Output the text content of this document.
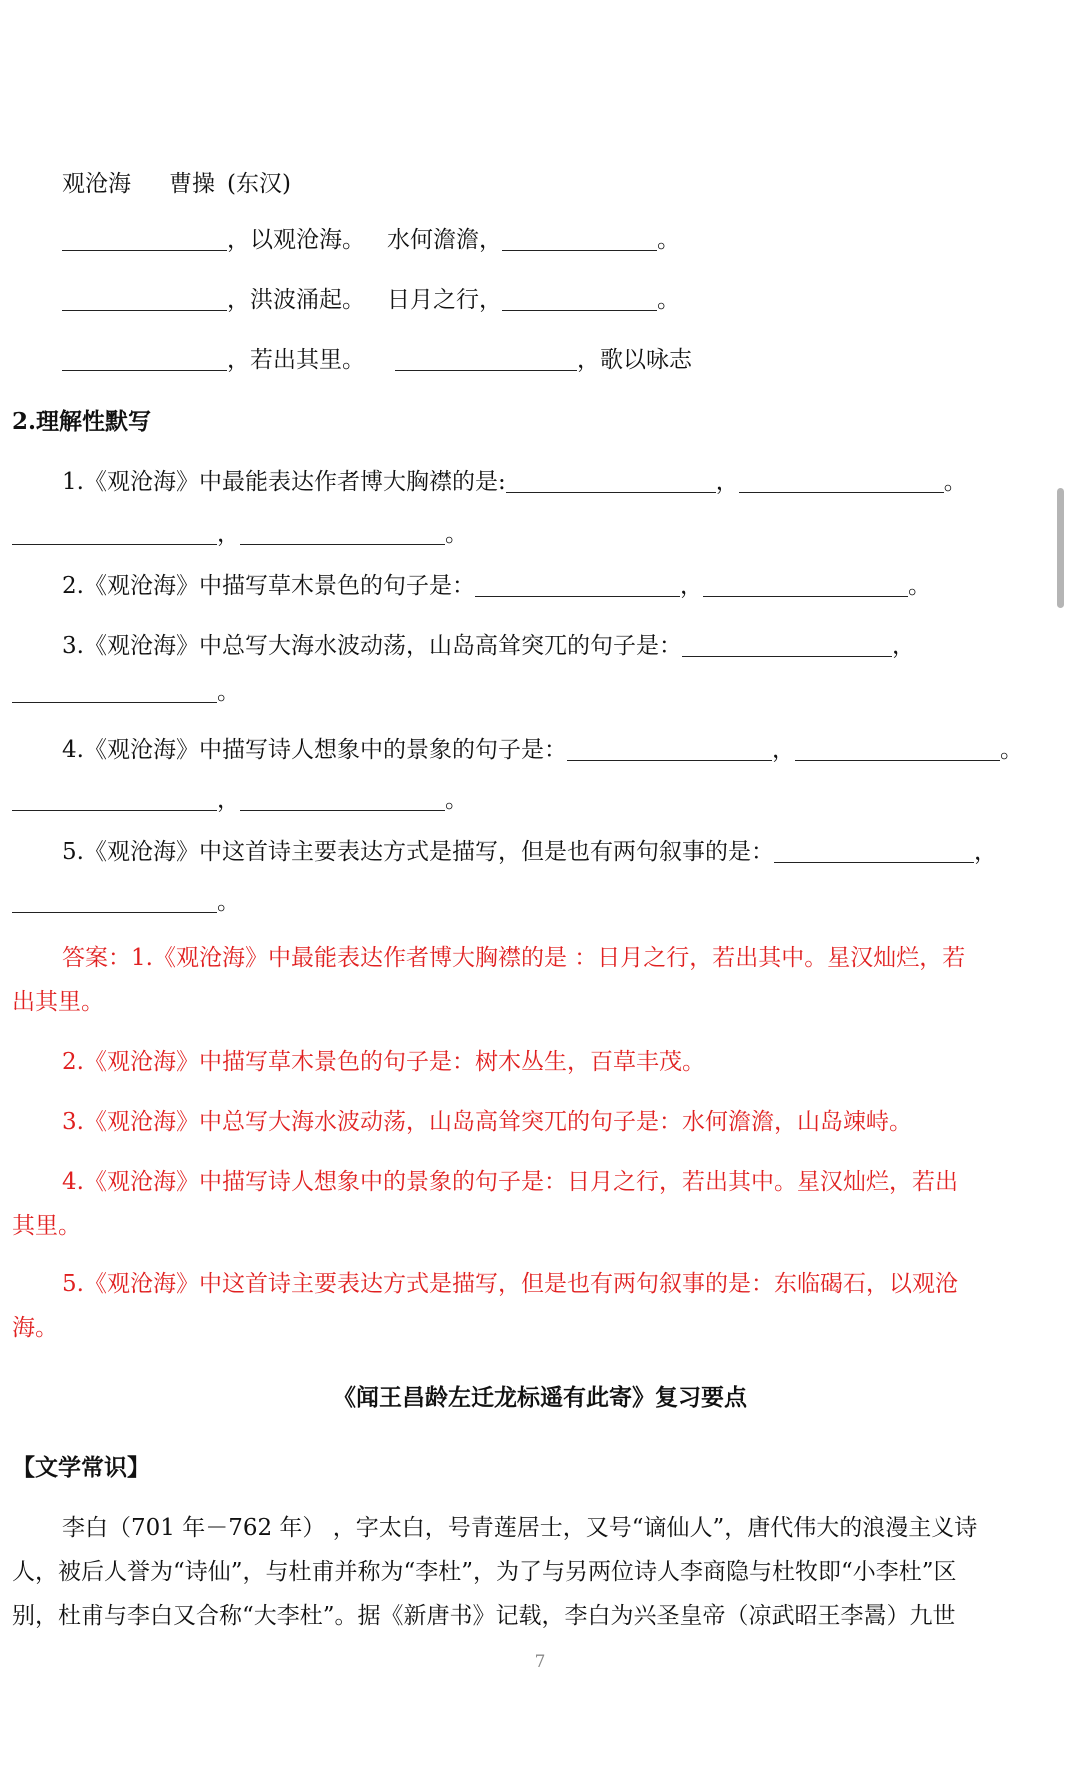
观沧海 曹操 (东汉)
，以观沧海。 水何澹澹，	。
，洪波涌起。 日月之行，	。
，若出其里。	，歌以咏志
2.理解性默写
1.《观沧海》中最能表达作者博大胸襟的是:	，	。
，	。
2.《观沧海》中描写草木景色的句子是：	，	。
3.《观沧海》中总写大海水波动荡，山岛高耸突兀的句子是：	，
。
4.《观沧海》中描写诗人想象中的景象的句子是：	，	。
，	。
5.《观沧海》中这首诗主要表达方式是描写，但是也有两句叙事的是：	，
。
答案：1.《观沧海》中最能表达作者博大胸襟的是 ：日月之行，若出其中。星汉灿烂，若
出其里。
2.《观沧海》中描写草木景色的句子是：树木丛生，百草丰茂。
3.《观沧海》中总写大海水波动荡，山岛高耸突兀的句子是：水何澹澹，山岛竦峙。
4.《观沧海》中描写诗人想象中的景象的句子是：日月之行，若出其中。星汉灿烂，若出
其里。
5.《观沧海》中这首诗主要表达方式是描写，但是也有两句叙事的是：东临碣石，以观沧
海。
《闻王昌龄左迁龙标遥有此寄》复习要点
【文学常识】
李白（701 年－762 年） ，字太白，号青莲居士，又号“谪仙人”，唐代伟大的浪漫主义诗
人，被后人誉为“诗仙”，与杜甫并称为“李杜”，为了与另两位诗人李商隐与杜牧即“小李杜”区
别，杜甫与李白又合称“大李杜”。据《新唐书》记载，李白为兴圣皇帝（凉武昭王李暠）九世
7
